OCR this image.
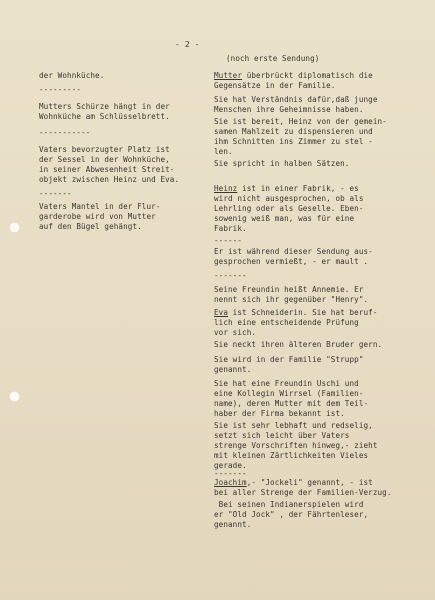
- 2 -
(noch erste Sendung)
der Wohnküche.
---------
Mutters Schürze hängt in der
Wohnküche am Schlüsselbrett.
-----------
Vaters bevorzugter Platz ist
der Sessel in der Wohnküche,
in seiner Abwesenheit Streit-
objekt zwischen Heinz und Eva.
-------
Vaters Mantel in der Flur-
garderobe wird von Mutter
auf den Bügel gehängt.
Mutter überbrückt diplomatisch die
Gegensätze in der Familie.
Sie hat Verständnis dafür,daß junge
Menschen ihre Geheimnisse haben.
Sie ist bereit, Heinz von der gemein-
samen Mahlzeit zu dispensieren und
ihm Schnitten ins Zimmer zu stel -
len.
Sie spricht in halben Sätzen.
Heinz ist in einer Fabrik, - es
wird nicht ausgesprochen, ob als
Lehrling oder als Geselle. Eben-
sowenig weiß man, was für eine
Fabrik.
------
Er ist während dieser Sendung aus-
gesprochen vermießt, - er mault .
-------
Seine Freundin heißt Annemie. Er
nennt sich ihr gegenüber "Henry".
Eva ist Schneiderin. Sie hat beruf-
lich eine entscheidende Prüfung
vor sich.
Sie neckt ihren älteren Bruder gern.
Sie wird in der Familie "Strupp"
genannt.
Sie hat eine Freundin Uschi und
eine Kollegin Wirrsel (Familien-
name), deren Mutter mit dem Teil-
haber der Firma bekannt ist.
Sie ist sehr lebhaft und redselig,
setzt sich leicht über Vaters
strenge Vorschriften hinweg,- zieht
mit kleinen Zärtlichkeiten Vieles
gerade.
-------
Joachim,- "Jockeli" genannt, - ist
bei aller Strenge der Familien-Verzug.
Bei seinen Indianerspielen wird
er "Old Jock" , der Fährtenleser,
genannt.
